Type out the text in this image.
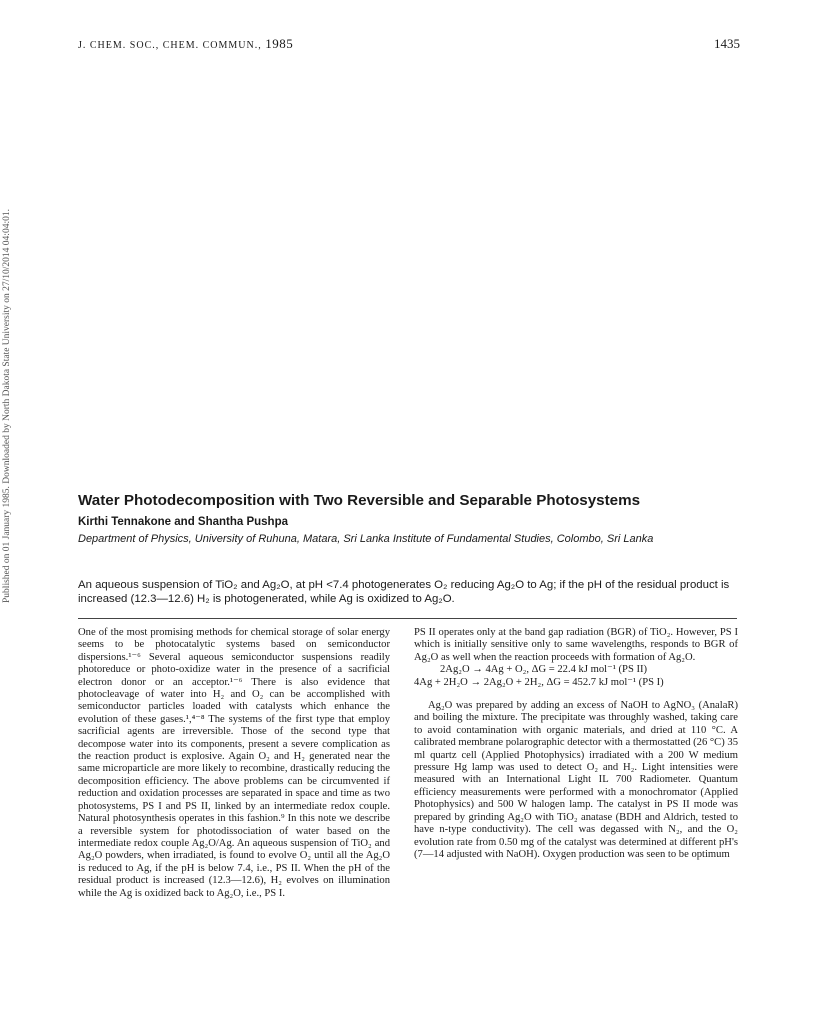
J. CHEM. SOC., CHEM. COMMUN., 1985	1435
Published on 01 January 1985. Downloaded by North Dakota State University on 27/10/2014 04:04:01.	Water Photodecomposition with Two Reversible and Separable Photosystems

Kirthi Tennakone and Shantha Pushpa

Department of Physics, University of Ruhuna, Matara, Sri Lanka Institute of Fundamental Studies, Colombo, Sri Lanka

An aqueous suspension of TiO₂ and Ag₂O, at pH <7.4 photogenerates O₂ reducing Ag₂O to Ag; if the pH of the residual product is increased (12.3—12.6) H₂ is photogenerated, while Ag is oxidized to Ag₂O.

One of the most promising methods for chemical storage of solar energy seems to be photocatalytic systems based on semiconductor dispersions.¹⁻⁶ Several aqueous semiconductor suspensions readily photoreduce or photo-oxidize water in the presence of a sacrificial electron donor or an acceptor.¹⁻⁶ There is also evidence that photocleavage of water into H₂ and O₂ can be accomplished with semiconductor particles loaded with catalysts which enhance the evolution of these gases.¹,⁴⁻⁸ The systems of the first type that employ sacrificial agents are irreversible. Those of the second type that decompose water into its components, present a severe complication as the reaction product is explosive. Again O₂ and H₂ generated near the same microparticle are more likely to recombine, drastically reducing the decomposition efficiency. The above problems can be circumvented if reduction and oxidation processes are separated in space and time as two photosystems, PS I and PS II, linked by an intermediate redox couple. Natural photosynthesis operates in this fashion.⁹ In this note we describe a reversible system for photodissociation of water based on the intermediate redox couple Ag₂O/Ag. An aqueous suspension of TiO₂ and Ag₂O powders, when irradiated, is found to evolve O₂ until all the Ag₂O is reduced to Ag, if the pH is below 7.4, i.e., PS II. When the pH of the residual product is increased (12.3—12.6), H₂ evolves on illumination while the Ag is oxidized back to Ag₂O, i.e., PS I.

PS II operates only at the band gap radiation (BGR) of TiO₂. However, PS I which is initially sensitive only to same wavelengths, responds to BGR of Ag₂O as well when the reaction proceeds with formation of Ag₂O.

2Ag₂O → 4Ag + O₂, ΔG = 22.4 kJ mol⁻¹ (PS II)

4Ag + 2H₂O → 2Ag₂O + 2H₂, ΔG = 452.7 kJ mol⁻¹ (PS I)

Ag₂O was prepared by adding an excess of NaOH to AgNO₃ (AnalaR) and boiling the mixture. The precipitate was throughly washed, taking care to avoid contamination with organic materials, and dried at 110 °C. A calibrated membrane polarographic detector with a thermostatted (26 °C) 35 ml quartz cell (Applied Photophysics) irradiated with a 200 W medium pressure Hg lamp was used to detect O₂ and H₂. Light intensities were measured with an International Light IL 700 Radiometer. Quantum efficiency measurements were performed with a monochromator (Applied Photophysics) and 500 W halogen lamp. The catalyst in PS II mode was prepared by grinding Ag₂O with TiO₂ anatase (BDH and Aldrich, tested to have n-type conductivity). The cell was degassed with N₂, and the O₂ evolution rate from 0.50 mg of the catalyst was determined at different pH's (7—14 adjusted with NaOH). Oxygen production was seen to be optimum
